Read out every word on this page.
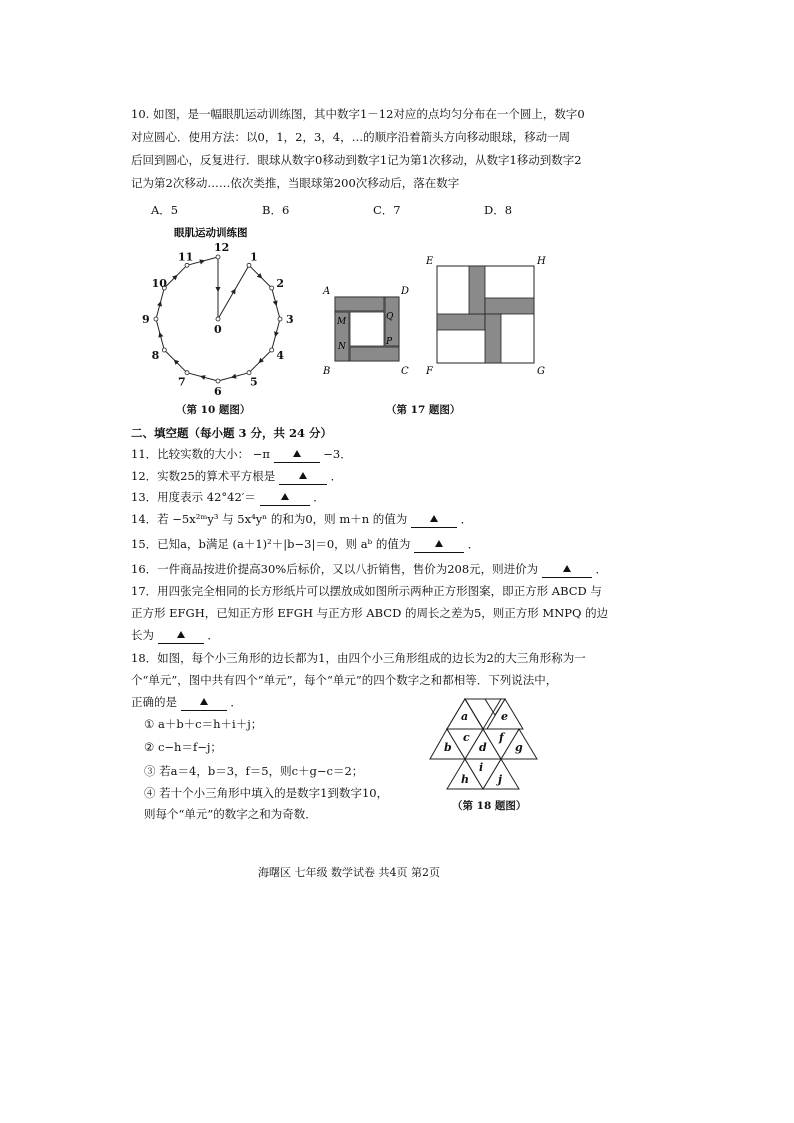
10. 如图，是一幅眼肌运动训练图，其中数字1－12对应的点均匀分布在一个圆上，数字0
对应圆心．使用方法：以0，1，2，3，4，…的顺序沿着箭头方向移动眼球，移动一周
后回到圆心，反复进行．眼球从数字0移动到数字1记为第1次移动，从数字1移动到数字2
记为第2次移动……依次类推，当眼球第200次移动后，落在数字
A．5	B．6	C．7	D．8
眼肌运动训练图
0
1
2
3
4
5
6
7
8
9
10
11
12
（第 10 题图）
A	D
B	C
M	Q
N	P
E	H
F	G
（第 17 题图）
二、填空题（每小题 3 分，共 24 分）
11．比较实数的大小： −π	−3．
12．实数25的算术平方根是	．
13．用度表示 42°42′＝	．
14．若 −5x²ᵐy³ 与 5x⁴yⁿ 的和为0，则 m＋n 的值为	．
15．已知a，b满足 (a＋1)²＋|b−3|＝0，则 aᵇ 的值为	．
16．一件商品按进价提高30%后标价，又以八折销售，售价为208元，则进价为	．
17．用四张完全相同的长方形纸片可以摆放成如图所示两种正方形图案，即正方形 ABCD 与
正方形 EFGH，已知正方形 EFGH 与正方形 ABCD 的周长之差为5，则正方形 MNPQ 的边
长为	．
18．如图，每个小三角形的边长都为1，由四个小三角形组成的边长为2的大三角形称为一
个“单元”，图中共有四个“单元”，每个“单元”的四个数字之和都相等．下列说法中，
正确的是	．
① a＋b＋c＝h＋i＋j；
② c−h＝f−j；
③ 若a＝4，b＝3，f＝5，则c＋g−c＝2；
④ 若十个小三角形中填入的是数字1到数字10，
则每个“单元”的数字之和为奇数．
a	e
c	f
b d	g
h
i
j
（第 18 题图）
海曙区 七年级 数学试卷 共4页 第2页
